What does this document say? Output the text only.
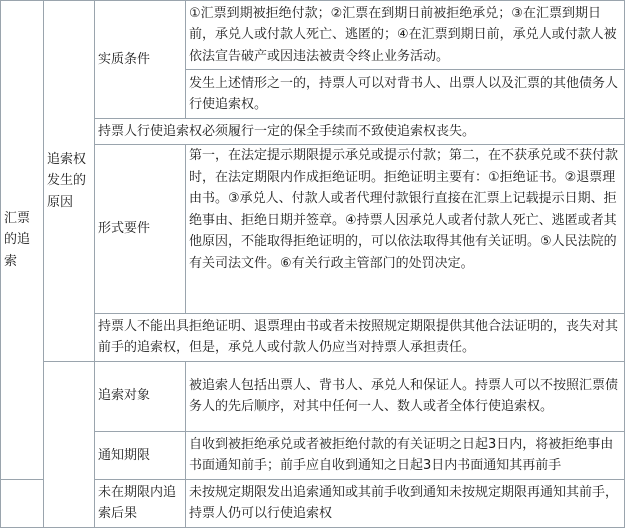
汇票的追索	追索权发生的原因	实质条件	①汇票到期被拒绝付款；②汇票在到期日前被拒绝承兑；③在汇票到期日前，承兑人或付款人死亡、逃匿的；④在汇票到期日前，承兑人或付款人被依法宣告破产或因违法被责令终止业务活动。
			发生上述情形之一的，持票人可以对背书人、出票人以及汇票的其他债务人行使追索权。
		持票人行使追索权必须履行一定的保全手续而不致使追索权丧失。	
		形式要件	第一，在法定提示期限提示承兑或提示付款；第二，在不获承兑或不获付款时，在法定期限内作成拒绝证明。拒绝证明主要有：①拒绝证书。②退票理由书。③承兑人、付款人或者代理付款银行直接在汇票上记载提示日期、拒绝事由、拒绝日期并签章。④持票人因承兑人或者付款人死亡、逃匿或者其他原因，不能取得拒绝证明的，可以依法取得其他有关证明。⑤人民法院的有关司法文件。⑥有关行政主管部门的处罚决定。
		持票人不能出具拒绝证明、退票理由书或者未按照规定期限提供其他合法证明的，丧失对其前手的追索权，但是，承兑人或付款人仍应当对持票人承担责任。	
		追索对象	被追索人包括出票人、背书人、承兑人和保证人。持票人可以不按照汇票债务人的先后顺序，对其中任何一人、数人或者全体行使追索权。
		通知期限	自收到被拒绝承兑或者被拒绝付款的有关证明之日起3日内，将被拒绝事由书面通知前手；前手应自收到通知之日起3日内书面通知其再前手
		未在期限内追索后果	未按规定期限发出追索通知或其前手收到通知未按规定期限再通知其前手，持票人仍可以行使追索权
